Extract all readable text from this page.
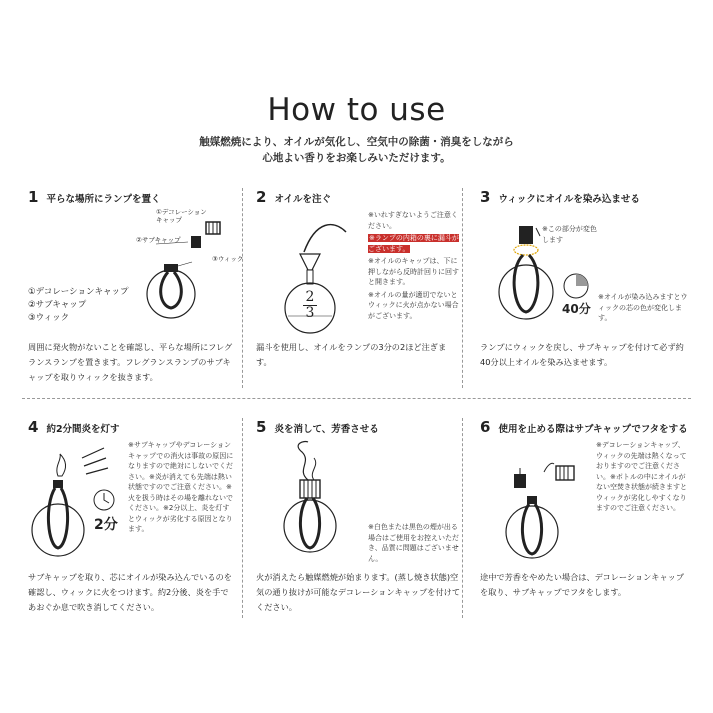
How to use
触媒燃焼により、オイルが気化し、空気中の除菌・消臭をしながら
心地よい香りをお楽しみいただけます。
1 平らな場所にランプを置く
①デコレーション
キャップ
②サブキャップ
③ウィック
①デコレーションキャップ
②サブキャップ
③ウィック
周囲に発火物がないことを確認し、平らな場所にフレグランスランプを置きます。フレグランスランプのサブキャップを取りウィックを抜きます。
2 オイルを注ぐ
2
3
※いれすぎないようご注意ください。
※ランプの内箱の裏に漏斗がございます。
※オイルのキャップは、下に押しながら反時計回りに回すと開きます。
※オイルの量が適切でないとウィックに火が点かない場合がございます。
漏斗を使用し、オイルをランプの3分の2ほど注ぎます。
3 ウィックにオイルを染み込ませる
※この部分が変色します
40分
※オイルが染み込みますとウィックの芯の色が変化します。
ランプにウィックを戻し、サブキャップを付けて必ず約40分以上オイルを染み込ませます。
4 約2分間炎を灯す
2分
※サブキャップやデコレーションキャップでの消火は事故の原因になりますので絶対にしないでください。※炎が消えても先端は熱い状態ですのでご注意ください。※火を扱う時はその場を離れないでください。※2分以上、炎を灯すとウィックが劣化する原因となります。
サブキャップを取り、芯にオイルが染み込んでいるのを確認し、ウィックに火をつけます。約2分後、炎を手であおぐか息で吹き消してください。
5 炎を消して、芳香させる
※白色または黒色の煙が出る場合はご使用をお控えいただき、品質に問題はございません。
火が消えたら触媒燃焼が始まります。(蒸し焼き状態)空気の通り抜けが可能なデコレーションキャップを付けてください。
6 使用を止める際はサブキャップでフタをする
※デコレーションキャップ、ウィックの先端は熱くなっておりますのでご注意ください。※ボトルの中にオイルがない空焚き状態が続きますとウィックが劣化しやすくなりますのでご注意ください。
途中で芳香をやめたい場合は、デコレーションキャップを取り、サブキャップでフタをします。
